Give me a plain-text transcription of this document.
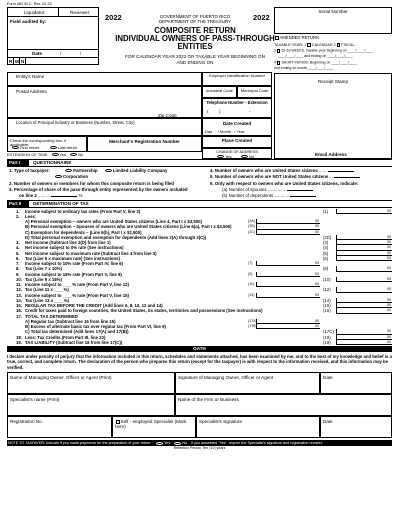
Form 482 W.C. Rev. 02.23
Liquidator:	Reviewer:
Field audited by:
Date	/	/
R M N
2022	2022
GOVERNMENT OF PUERTO RICO
DEPARTMENT OF THE TREASURY
COMPOSITE RETURN
INDIVIDUAL OWNERS OF PASS-THROUGH
ENTITIES
FOR CALENDAR YEAR 2022 OR TAXABLE YEAR BEGINNING ON
AND ENDING ON
Serial Number
AMENDED RETURN
TAXABLE YEAR: 1 CALENDAR 2 FISCAL
3 52-53 WEEKS, Taxable year beginning on ____/____/____
____/____/____ and ending on ____/____/____
4 SHORT PERIOD: Beginning on ____/____/____
and ending on month ____/____/____
Entity's Name	Employer Identification Number
Receipt Stamp
Postal Address
Zip Code
Industrial Code	Municipal Code
Telephone Number - Extension
( )	-
Location of Principal Industry or Business (Number, Street, City)	Date Created
Day     / Month   / Year
Check the corresponding box, if applicable:
First return	Last return
Merchant's Registration Number	Place Created
CHANGE OF ADDRESS
Yes	No	Email Address
EXTENSION OF TIME	Yes	No
Part I	QUESTIONNAIRE
1. Type of taxpayer:	Partnership	Limited Liability Company
Corporation
2. Number of owners or members for whom this composite return is being filed
3. Percentage of share of the pass-through entity represented by the owners included
on line 2 ..........	%
4. Number of owners who are United States citizens ......
5. Number of owners who are NOT United States citizens ...
6. Only with respect to owners who are United States citizens, indicate:
(a) Number of spouses ...............
(b) Number of dependents ............
Part II	DETERMINATION OF TAX
1.	Income subject to ordinary tax rates (From Part V, line 3)	(1)	00
2.	Less:
A) Personal exemption – owners who are United States citizens (Line 4, Part I x $3,500)	(2A)	00
B) Personal exemption – Spouses of owners who are United States citizens (Line 6(a), Part I x $3,500)	(2B)	00
C) Exemption for dependents – (Line 6(b), Part I x $2,500)	(2C)	00
D) Total personal exemption and exemption for dependents (Add lines 2(A) through 2(C))	(2D)	00
3.	Net income (Subtract line 2(D) from line 1)	(3)	00
4.	Net income subject to 0% rate (See instructions)	(4)	00
5.	Net income subject to maximum rate (Subtract line 4 from line 3)	(5)	00
6.	Tax (Line 5 x maximum rate) (See instructions)	(6)	00
7.	Income subject to 10% rate (From Part IV, line 6)	(7)	00
8.	Tax (Line 7 x 10%)	(8)	00
9.	Income subject to 15% rate (From Part V, line 9)	(9)	00
10. Tax (Line 9 x 15%)	(10)	00
11. Income subject to ____% rate (From Part V, line 12)	(11)	00
12. Tax (Line 11 x ____%)	(12)	00
13. Income subject to ____% rate (From Part V, line 15)	(13)	00
14. Tax (Line 13 x ____%)	(14)	00
15. REGULAR TAX BEFORE THE CREDIT (Add lines 6, 8, 10, 12 and 14)	(15)	00
16. Credit for taxes paid to foreign countries, the United States, its states, territories and possessions (See instructions)	(16)	00
17. TOTAL TAX DETERMINED
A) Regular tax (Subtract line 16 from line 15)	(17A)	00
B) Excess of alternate basic tax over regular tax (From Part VI, line 9)	(17B)	00
C) Total tax determined (Add lines 17(A) and 17(B))	(17C)	00
18. Less: Tax Credits (From Part III, line 22)	(18)	00
19. TAX LIABILITY (Subtract line 18 from line 17(C))	(19)	00
OATH
I declare under penalty of perjury that the information included in this return, schedules and statements attached, has been examined by me, and to the best of my knowledge and belief is a true, correct, and complete return. The declaration of the person who prepares this return (except for the taxpayer) is with respect to the information received, and this information may be verified.
Name of Managing Owner, Officer or Agent (Print)	Signature of Managing Owner, Officer or Agent	Date
Specialist's name (Print)	Name of the Firm or Business
Registration No.	Self - employed Specialist (Mark here)
Specialist's signature	Date
NOTE TO TAXPAYER: Indicate if you made payments for the preparation of your return:	Yes	No If you answered "Yes", require the Specialist's signature and registration number.
Retention Period: Ten (10) years
